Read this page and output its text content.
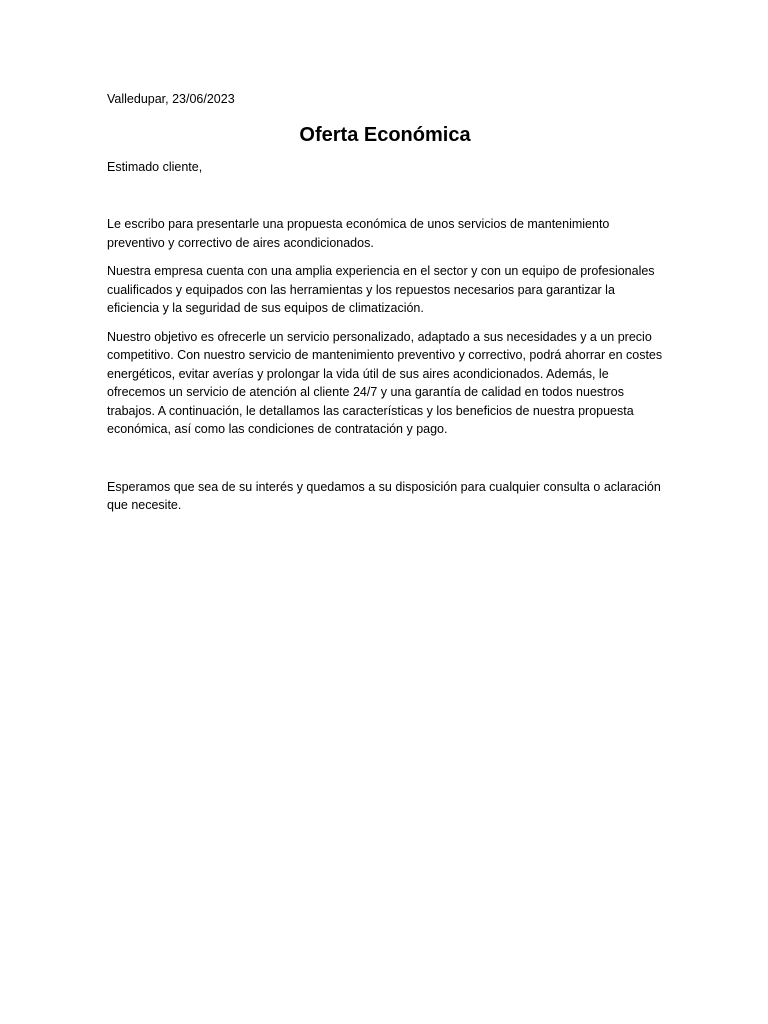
Valledupar, 23/06/2023

Oferta Económica

Estimado cliente,

Le escribo para presentarle una propuesta económica de unos servicios de mantenimiento preventivo y correctivo de aires acondicionados.

Nuestra empresa cuenta con una amplia experiencia en el sector y con un equipo de profesionales cualificados y equipados con las herramientas y los repuestos necesarios para garantizar la eficiencia y la seguridad de sus equipos de climatización.

Nuestro objetivo es ofrecerle un servicio personalizado, adaptado a sus necesidades y a un precio competitivo. Con nuestro servicio de mantenimiento preventivo y correctivo, podrá ahorrar en costes energéticos, evitar averías y prolongar la vida útil de sus aires acondicionados. Además, le ofrecemos un servicio de atención al cliente 24/7 y una garantía de calidad en todos nuestros trabajos. A continuación, le detallamos las características y los beneficios de nuestra propuesta económica, así como las condiciones de contratación y pago.

Esperamos que sea de su interés y quedamos a su disposición para cualquier consulta o aclaración que necesite.
